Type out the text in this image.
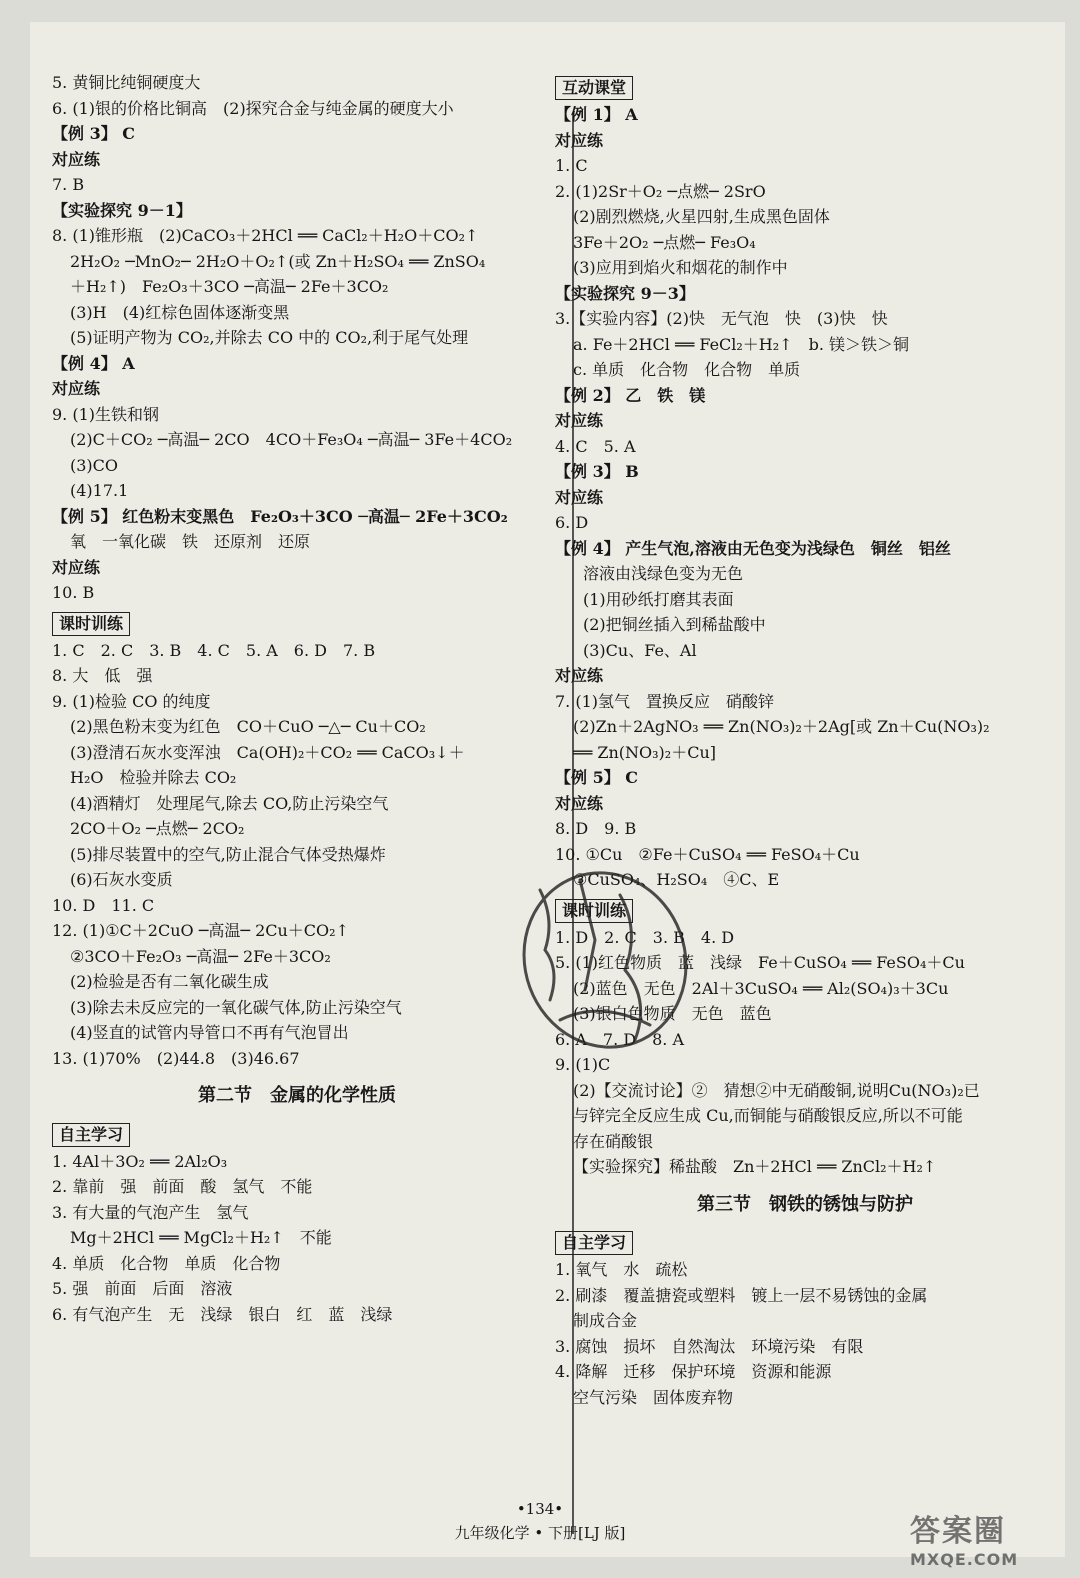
5. 黄铜比纯铜硬度大
6. (1)银的价格比铜高　(2)探究合金与纯金属的硬度大小
【例 3】 C
对应练
7. B
【实验探究 9－1】
8. (1)锥形瓶　(2)CaCO₃＋2HCl ══ CaCl₂＋H₂O＋CO₂↑
2H₂O₂ ─MnO₂─ 2H₂O＋O₂↑(或 Zn＋H₂SO₄ ══ ZnSO₄
＋H₂↑)　Fe₂O₃＋3CO ─高温─ 2Fe＋3CO₂
(3)H　(4)红棕色固体逐渐变黑
(5)证明产物为 CO₂,并除去 CO 中的 CO₂,利于尾气处理
【例 4】 A
对应练
9. (1)生铁和钢
(2)C＋CO₂ ─高温─ 2CO　4CO＋Fe₃O₄ ─高温─ 3Fe＋4CO₂
(3)CO
(4)17.1
【例 5】 红色粉末变黑色　Fe₂O₃＋3CO ─高温─ 2Fe＋3CO₂
氧　一氧化碳　铁　还原剂　还原
对应练
10. B
课时训练
1. C　2. C　3. B　4. C　5. A　6. D　7. B
8. 大　低　强
9. (1)检验 CO 的纯度
(2)黑色粉末变为红色　CO＋CuO ─△─ Cu＋CO₂
(3)澄清石灰水变浑浊　Ca(OH)₂＋CO₂ ══ CaCO₃↓＋
H₂O　检验并除去 CO₂
(4)酒精灯　处理尾气,除去 CO,防止污染空气
2CO＋O₂ ─点燃─ 2CO₂
(5)排尽装置中的空气,防止混合气体受热爆炸
(6)石灰水变质
10. D　11. C
12. (1)①C＋2CuO ─高温─ 2Cu＋CO₂↑
②3CO＋Fe₂O₃ ─高温─ 2Fe＋3CO₂
(2)检验是否有二氧化碳生成
(3)除去未反应完的一氧化碳气体,防止污染空气
(4)竖直的试管内导管口不再有气泡冒出
13. (1)70%　(2)44.8　(3)46.67
第二节　金属的化学性质
自主学习
1. 4Al＋3O₂ ══ 2Al₂O₃
2. 靠前　强　前面　酸　氢气　不能
3. 有大量的气泡产生　氢气
Mg＋2HCl ══ MgCl₂＋H₂↑　不能
4. 单质　化合物　单质　化合物
5. 强　前面　后面　溶液
6. 有气泡产生　无　浅绿　银白　红　蓝　浅绿
互动课堂
【例 1】 A
对应练
1. C
2. (1)2Sr＋O₂ ─点燃─ 2SrO
(2)剧烈燃烧,火星四射,生成黑色固体
3Fe＋2O₂ ─点燃─ Fe₃O₄
(3)应用到焰火和烟花的制作中
【实验探究 9－3】
3.【实验内容】(2)快　无气泡　快　(3)快　快
a. Fe＋2HCl ══ FeCl₂＋H₂↑　b. 镁＞铁＞铜
c. 单质　化合物　化合物　单质
【例 2】 乙　铁　镁
对应练
4. C　5. A
【例 3】 B
对应练
6. D
【例 4】 产生气泡,溶液由无色变为浅绿色　铜丝　铝丝
溶液由浅绿色变为无色
(1)用砂纸打磨其表面
(2)把铜丝插入到稀盐酸中
(3)Cu、Fe、Al
对应练
7. (1)氢气　置换反应　硝酸锌
(2)Zn＋2AgNO₃ ══ Zn(NO₃)₂＋2Ag[或 Zn＋Cu(NO₃)₂
══ Zn(NO₃)₂＋Cu]
【例 5】 C
对应练
8. D　9. B
10. ①Cu　②Fe＋CuSO₄ ══ FeSO₄＋Cu
③CuSO₄、H₂SO₄　④C、E
课时训练
1. D　2. C　3. B　4. D
5. (1)红色物质　蓝　浅绿　Fe＋CuSO₄ ══ FeSO₄＋Cu
(2)蓝色　无色　2Al＋3CuSO₄ ══ Al₂(SO₄)₃＋3Cu
(3)银白色物质　无色　蓝色
6. A　7. D　8. A
9. (1)C
(2)【交流讨论】②　猜想②中无硝酸铜,说明Cu(NO₃)₂已
与锌完全反应生成 Cu,而铜能与硝酸银反应,所以不可能
存在硝酸银
【实验探究】稀盐酸　Zn＋2HCl ══ ZnCl₂＋H₂↑
第三节　钢铁的锈蚀与防护
自主学习
1. 氧气　水　疏松
2. 刷漆　覆盖搪瓷或塑料　镀上一层不易锈蚀的金属
制成合金
3. 腐蚀　损坏　自然淘汰　环境污染　有限
4. 降解　迁移　保护环境　资源和能源
空气污染　固体废弃物
•134•
九年级化学 • 下册[LJ 版]	答案圈
MXQE.COM
